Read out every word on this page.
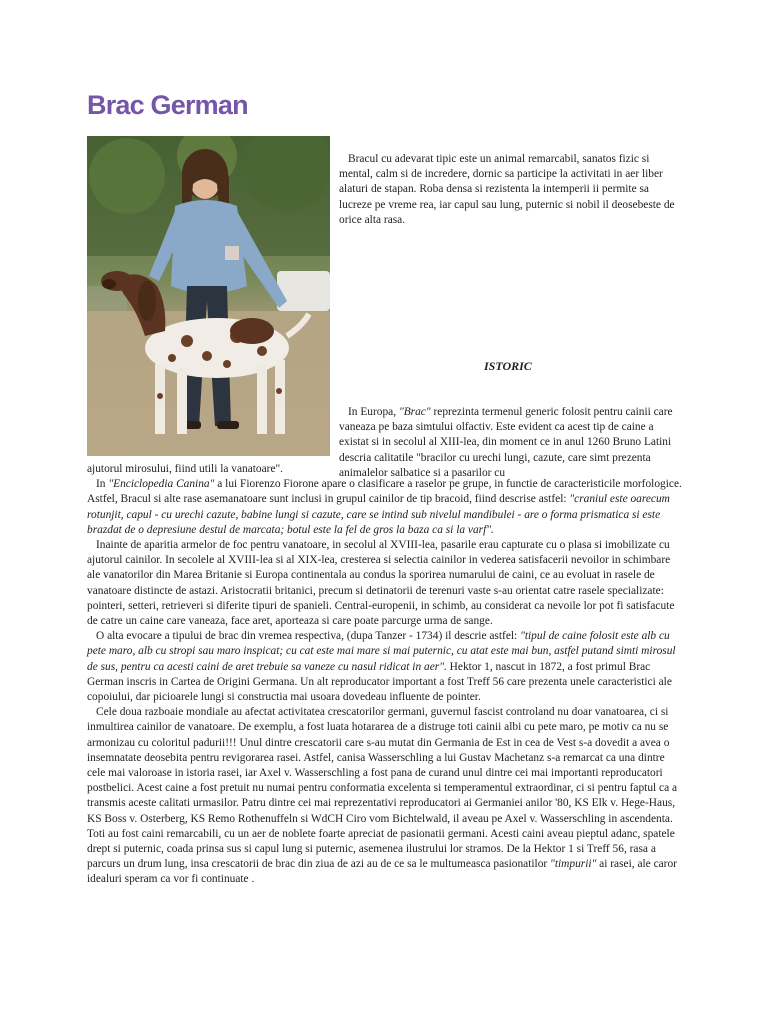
Brac German

Bracul cu adevarat tipic este un animal remarcabil, sanatos fizic si mental, calm si de incredere, dornic sa participe la activitati in aer liber alaturi de stapan. Roba densa si rezistenta la intemperii ii permite sa lucreze pe vreme rea, iar capul sau lung, puternic si nobil il deosebeste de orice alta rasa.

ISTORIC

In Europa, "Brac" reprezinta termenul generic folosit pentru cainii care vaneaza pe baza simtului olfactiv. Este evident ca acest tip de caine a existat si in secolul al XIII-lea, din moment ce in anul 1260 Bruno Latini descria calitatile "bracilor cu urechi lungi, cazute, care simt prezenta animalelor salbatice si a pasarilor cu

ajutorul mirosului, fiind utili la vanatoare".

In "Enciclopedia Canina" a lui Fiorenzo Fiorone apare o clasificare a raselor pe grupe, in functie de caracteristicile morfologice. Astfel, Bracul si alte rase asemanatoare sunt inclusi in grupul cainilor de tip bracoid, fiind descrise astfel: "craniul este oarecum rotunjit, capul - cu urechi cazute, babine lungi si cazute, care se intind sub nivelul mandibulei - are o forma prismatica si este brazdat de o depresiune destul de marcata; botul este la fel de gros la baza ca si la varf".

Inainte de aparitia armelor de foc pentru vanatoare, in secolul al XVIII-lea, pasarile erau capturate cu o plasa si imobilizate cu ajutorul cainilor. In secolele al XVIII-lea si al XIX-lea, cresterea si selectia cainilor in vederea satisfacerii nevoilor in schimbare ale vanatorilor din Marea Britanie si Europa continentala au condus la sporirea numarului de caini, ce au evoluat in rasele de vanatoare distincte de astazi. Aristocratii britanici, precum si detinatorii de terenuri vaste s-au orientat catre rasele specializate: pointeri, setteri, retrieveri si diferite tipuri de spanieli. Central-europenii, in schimb, au considerat ca nevoile lor pot fi satisfacute de catre un caine care vaneaza, face aret, aporteaza si care poate parcurge urma de sange.

O alta evocare a tipului de brac din vremea respectiva, (dupa Tanzer - 1734) il descrie astfel: "tipul de caine folosit este alb cu pete maro, alb cu stropi sau maro inspicat; cu cat este mai mare si mai puternic, cu atat este mai bun, astfel putand simti mirosul de sus, pentru ca acesti caini de aret trebuie sa vaneze cu nasul ridicat in aer". Hektor 1, nascut in 1872, a fost primul Brac German inscris in Cartea de Origini Germana. Un alt reproducator important a fost Treff 56 care prezenta unele caracteristici ale copoiului, dar picioarele lungi si constructia mai usoara dovedeau influente de pointer.

Cele doua razboaie mondiale au afectat activitatea crescatorilor germani, guvernul fascist controland nu doar vanatoarea, ci si inmultirea cainilor de vanatoare. De exemplu, a fost luata hotararea de a distruge toti cainii albi cu pete maro, pe motiv ca nu se armonizau cu coloritul padurii!!! Unul dintre crescatorii care s-au mutat din Germania de Est in cea de Vest s-a dovedit a avea o insemnatate deosebita pentru revigorarea rasei. Astfel, canisa Wasserschling a lui Gustav Machetanz s-a remarcat ca una dintre cele mai valoroase in istoria rasei, iar Axel v. Wasserschling a fost pana de curand unul dintre cei mai importanti reproducatori postbelici. Acest caine a fost pretuit nu numai pentru conformatia excelenta si temperamentul extraordinar, ci si pentru faptul ca a transmis aceste calitati urmasilor. Patru dintre cei mai reprezentativi reproducatori ai Germaniei anilor '80, KS Elk v. Hege-Haus, KS Boss v. Osterberg, KS Remo Rothenuffeln si WdCH Ciro vom Bichtelwald, il aveau pe Axel v. Wasserschling in ascendenta. Toti au fost caini remarcabili, cu un aer de noblete foarte apreciat de pasionatii germani. Acesti caini aveau pieptul adanc, spatele drept si puternic, coada prinsa sus si capul lung si puternic, asemenea ilustrului lor stramos. De la Hektor 1 si Treff 56, rasa a parcurs un drum lung, insa crescatorii de brac din ziua de azi au de ce sa le multumeasca pasionatilor "timpurii" ai rasei, ale caror idealuri speram ca vor fi continuate .
